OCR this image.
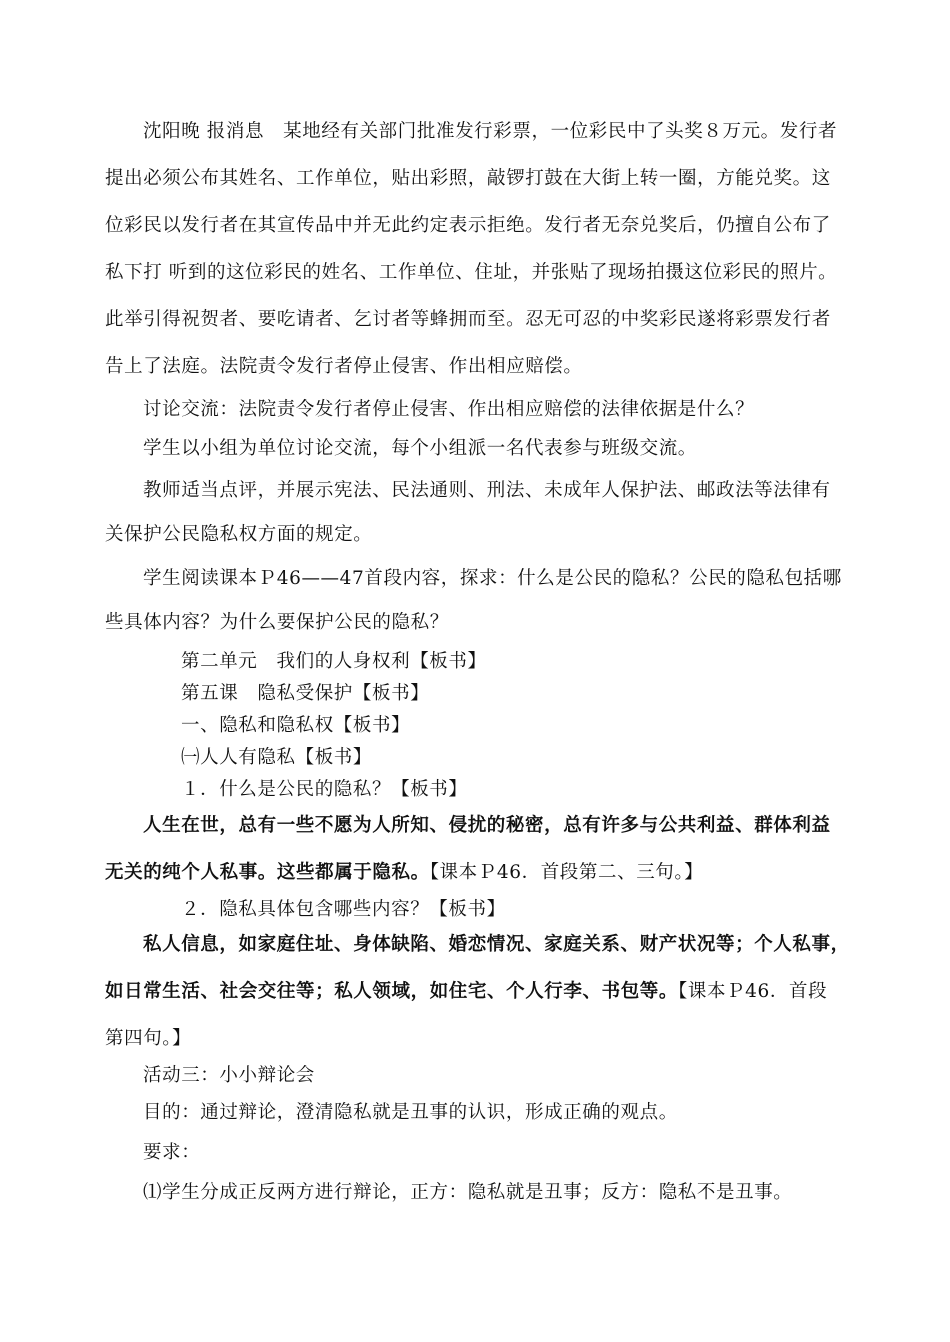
沈阳晚 报消息　某地经有关部门批准发行彩票，一位彩民中了头奖８万元。发行者
提出必须公布其姓名、工作单位，贴出彩照，敲锣打鼓在大街上转一圈，方能兑奖。这
位彩民以发行者在其宣传品中并无此约定表示拒绝。发行者无奈兑奖后，仍擅自公布了
私下打 听到的这位彩民的姓名、工作单位、住址，并张贴了现场拍摄这位彩民的照片。
此举引得祝贺者、要吃请者、乞讨者等蜂拥而至。忍无可忍的中奖彩民遂将彩票发行者
告上了法庭。法院责令发行者停止侵害、作出相应赔偿。
讨论交流：法院责令发行者停止侵害、作出相应赔偿的法律依据是什么？
学生以小组为单位讨论交流，每个小组派一名代表参与班级交流。
教师适当点评，并展示宪法、民法通则、刑法、未成年人保护法、邮政法等法律有
关保护公民隐私权方面的规定。
学生阅读课本Ｐ46——47首段内容，探求：什么是公民的隐私？公民的隐私包括哪
些具体内容？为什么要保护公民的隐私？
第二单元　我们的人身权利【板书】
第五课　隐私受保护【板书】
一、隐私和隐私权【板书】
㈠人人有隐私【板书】
１．什么是公民的隐私？【板书】
人生在世，总有一些不愿为人所知、侵扰的秘密，总有许多与公共利益、群体利益
无关的纯个人私事。这些都属于隐私。【课本Ｐ46．首段第二、三句。】
２．隐私具体包含哪些内容？【板书】
私人信息，如家庭住址、身体缺陷、婚恋情况、家庭关系、财产状况等；个人私事，
如日常生活、社会交往等；私人领域，如住宅、个人行李、书包等。【课本Ｐ46．首段
第四句。】
活动三：小小辩论会
目的：通过辩论，澄清隐私就是丑事的认识，形成正确的观点。
要求：
⑴学生分成正反两方进行辩论，正方：隐私就是丑事；反方：隐私不是丑事。
